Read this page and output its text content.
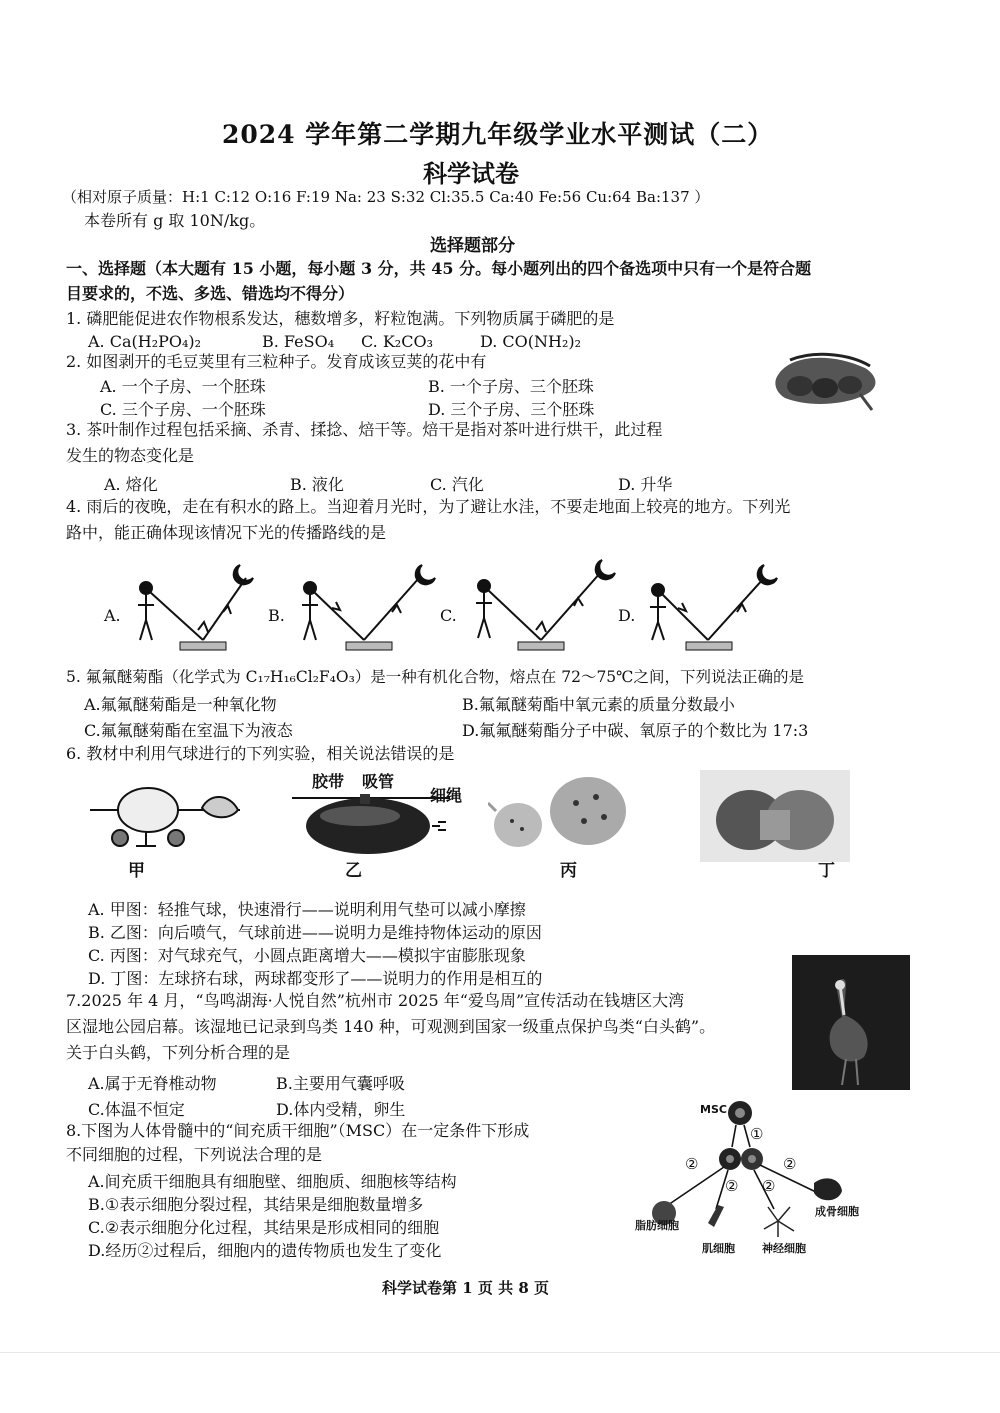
2024 学年第二学期九年级学业水平测试（二）
科学试卷
（相对原子质量：H:1 C:12 O:16 F:19 Na: 23 S:32 Cl:35.5 Ca:40 Fe:56 Cu:64 Ba:137 ）
本卷所有 g 取 10N/kg。
选择题部分
一、选择题（本大题有 15 小题，每小题 3 分，共 45 分。每小题列出的四个备选项中只有一个是符合题
目要求的，不选、多选、错选均不得分）
1. 磷肥能促进农作物根系发达，穗数增多，籽粒饱满。下列物质属于磷肥的是
A. Ca(H₂PO₄)₂	B. FeSO₄ C. K₂CO₃	D. CO(NH₂)₂
2. 如图剥开的毛豆荚里有三粒种子。发育成该豆荚的花中有
A. 一个子房、一个胚珠	B. 一个子房、三个胚珠
C. 三个子房、一个胚珠	D. 三个子房、三个胚珠
3. 茶叶制作过程包括采摘、杀青、揉捻、焙干等。焙干是指对茶叶进行烘干，此过程
发生的物态变化是
A. 熔化	B. 液化	C. 汽化	D. 升华
4. 雨后的夜晚，走在有积水的路上。当迎着月光时，为了避让水洼，不要走地面上较亮的地方。下列光
路中，能正确体现该情况下光的传播路线的是
A.	B.	C.	D.
5. 氟氟醚菊酯（化学式为 C₁₇H₁₆Cl₂F₄O₃）是一种有机化合物，熔点在 72～75℃之间，下列说法正确的是
A.氟氟醚菊酯是一种氧化物	B.氟氟醚菊酯中氧元素的质量分数最小
C.氟氟醚菊酯在室温下为液态	D.氟氟醚菊酯分子中碳、氧原子的个数比为 17:3
6. 教材中利用气球进行的下列实验，相关说法错误的是
甲
胶带 吸管
细绳
乙	丙	丁
A. 甲图：轻推气球，快速滑行——说明利用气垫可以减小摩擦
B. 乙图：向后喷气，气球前进——说明力是维持物体运动的原因
C. 丙图：对气球充气，小圆点距离增大——模拟宇宙膨胀现象
D. 丁图：左球挤右球，两球都变形了——说明力的作用是相互的
7.2025 年 4 月，“鸟鸣湖海·人悦自然”杭州市 2025 年“爱鸟周”宣传活动在钱塘区大湾
区湿地公园启幕。该湿地已记录到鸟类 140 种，可观测到国家一级重点保护鸟类“白头鹤”。
关于白头鹤，下列分析合理的是
A.属于无脊椎动物	B.主要用气囊呼吸
C.体温不恒定	D.体内受精，卵生
8.下图为人体骨髓中的“间充质干细胞”（MSC）在一定条件下形成
不同细胞的过程，下列说法合理的是
A.间充质干细胞具有细胞壁、细胞质、细胞核等结构
B.①表示细胞分裂过程，其结果是细胞数量增多
C.②表示细胞分化过程，其结果是形成相同的细胞
D.经历②过程后，细胞内的遗传物质也发生了变化
MSC
①
②
② ②
②
脂肪细胞
肌细胞 神经细胞
成骨细胞
科学试卷第 1 页 共 8 页
